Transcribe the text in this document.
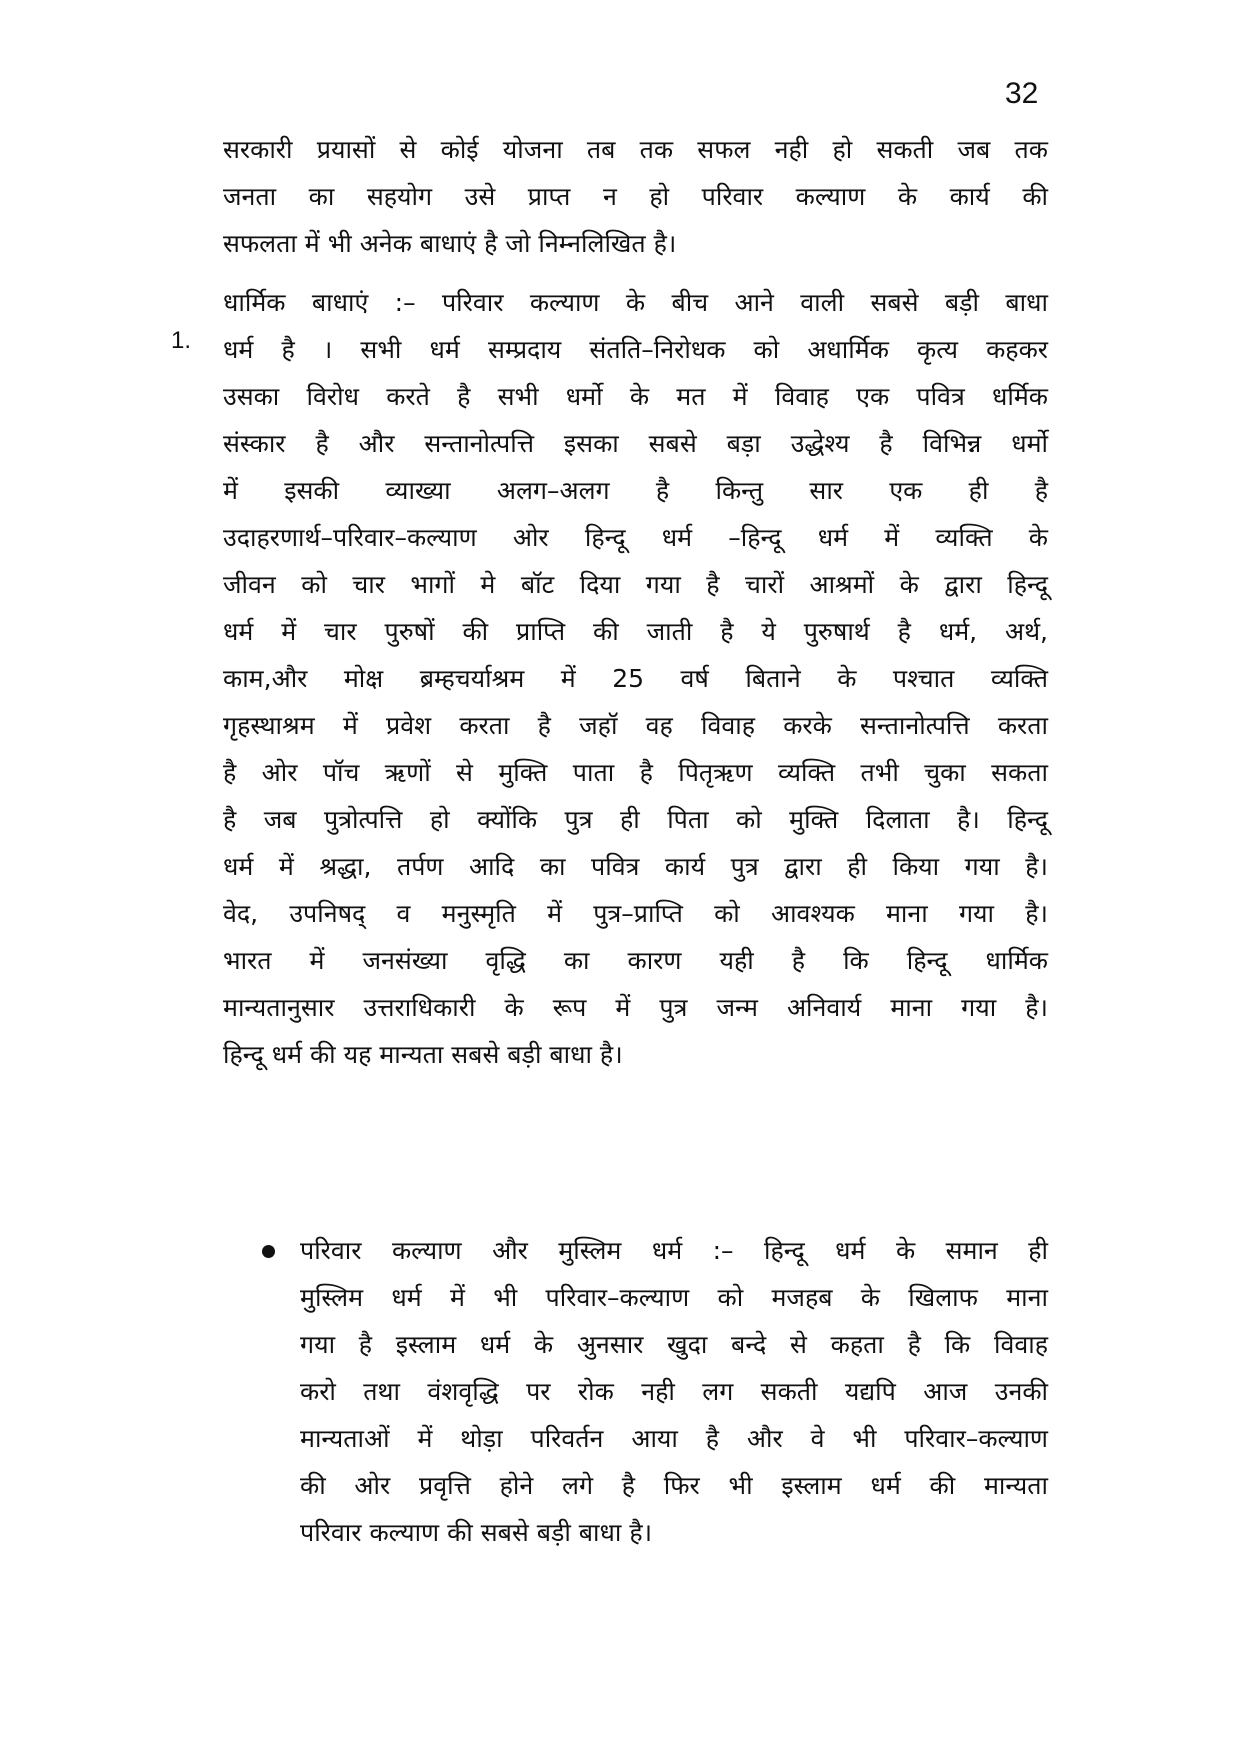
32
सरकारी प्रयासों से कोई योजना तब तक सफल नही हो सकती जब तक
जनता का सहयोग उसे प्राप्त न हो परिवार कल्याण के कार्य की
सफलता में भी अनेक बाधाएं है जो निम्नलिखित है।
1.
धार्मिक बाधाएं :– परिवार कल्याण के बीच आने वाली सबसे बड़ी बाधा
धर्म है । सभी धर्म सम्प्रदाय संतति–निरोधक को अधार्मिक कृत्य कहकर
उसका विरोध करते है सभी धर्मो के मत में विवाह एक पवित्र धर्मिक
संस्कार है और सन्तानोत्पत्ति इसका सबसे बड़ा उद्धेश्य है विभिन्न धर्मो
में इसकी व्याख्या अलग–अलग है किन्तु सार एक ही है
उदाहरणार्थ–परिवार–कल्याण ओर हिन्दू धर्म –हिन्दू धर्म में व्यक्ति के
जीवन को चार भागों मे बॉट दिया गया है चारों आश्रमों के द्वारा हिन्दू
धर्म में चार पुरुषों की प्राप्ति की जाती है ये पुरुषार्थ है धर्म, अर्थ,
काम,और मोक्ष ब्रम्हचर्याश्रम में 25 वर्ष बिताने के पश्चात व्यक्ति
गृहस्थाश्रम में प्रवेश करता है जहॉ वह विवाह करके सन्तानोत्पत्ति करता
है ओर पॉच ऋणों से मुक्ति पाता है पितृऋण व्यक्ति तभी चुका सकता
है जब पुत्रोत्पत्ति हो क्योंकि पुत्र ही पिता को मुक्ति दिलाता है। हिन्दू
धर्म में श्रद्धा, तर्पण आदि का पवित्र कार्य पुत्र द्वारा ही किया गया है।
वेद, उपनिषद् व मनुस्मृति में पुत्र–प्राप्ति को आवश्यक माना गया है।
भारत में जनसंख्या वृद्धि का कारण यही है कि हिन्दू धार्मिक
मान्यतानुसार उत्तराधिकारी के रूप में पुत्र जन्म अनिवार्य माना गया है।
हिन्दू धर्म की यह मान्यता सबसे बड़ी बाधा है।
परिवार कल्याण और मुस्लिम धर्म :– हिन्दू धर्म के समान ही
मुस्लिम धर्म में भी परिवार–कल्याण को मजहब के खिलाफ माना
गया है इस्लाम धर्म के अुनसार खुदा बन्दे से कहता है कि विवाह
करो तथा वंशवृद्धि पर रोक नही लग सकती यद्यपि आज उनकी
मान्यताओं में थोड़ा परिवर्तन आया है और वे भी परिवार–कल्याण
की ओर प्रवृत्ति होने लगे है फिर भी इस्लाम धर्म की मान्यता
परिवार कल्याण की सबसे बड़ी बाधा है।
